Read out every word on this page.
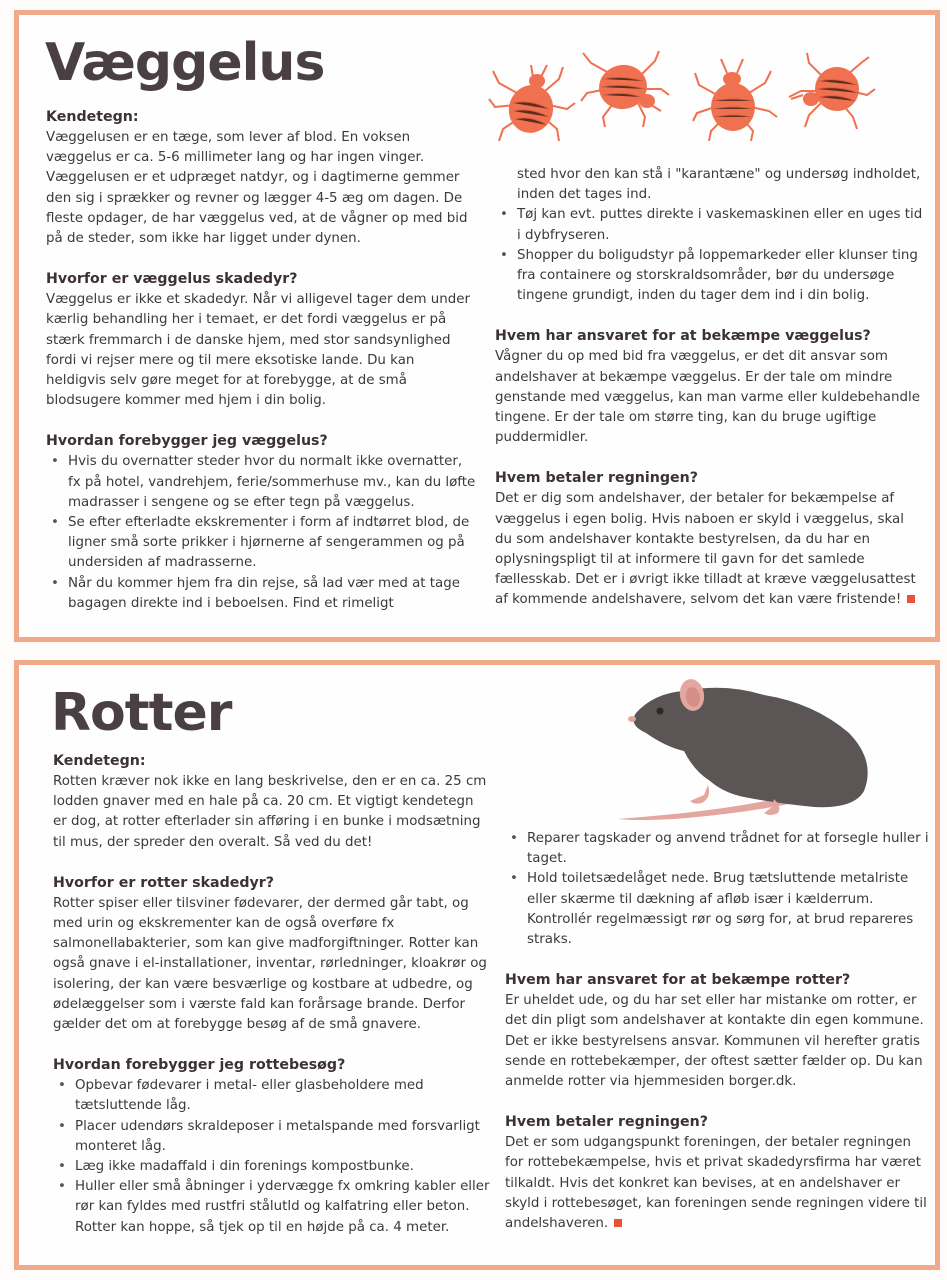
Væggelus
Kendetegn:

Væggelusen er en tæge, som lever af blod. En voksen væggelus er ca. 5-6 millimeter lang og har ingen vinger. Væggelusen er et udpræget natdyr, og i dagtimerne gemmer den sig i sprækker og revner og lægger 4-5 æg om dagen. De fleste opdager, de har væggelus ved, at de vågner op med bid på de steder, som ikke har ligget under dynen.

Hvorfor er væggelus skadedyr?

Væggelus er ikke et skadedyr. Når vi alligevel tager dem under kærlig behandling her i temaet, er det fordi væggelus er på stærk fremmarch i de danske hjem, med stor sandsynlighed fordi vi rejser mere og til mere eksotiske lande. Du kan heldigvis selv gøre meget for at forebygge, at de små blodsugere kommer med hjem i din bolig.

Hvordan forebygger jeg væggelus?
• Hvis du overnatter steder hvor du normalt ikke overnatter, fx på hotel, vandrehjem, ferie/sommerhuse mv., kan du løfte madrasser i sengene og se efter tegn på væggelus.
• Se efter efterladte ekskrementer i form af indtørret blod, de ligner små sorte prikker i hjørnerne af sengerammen og på undersiden af madrasserne.
• Når du kommer hjem fra din rejse, så lad vær med at tage bagagen direkte ind i beboelsen. Find et rimeligt

sted hvor den kan stå i "karantæne" og undersøg indholdet, inden det tages ind.

• Tøj kan evt. puttes direkte i vaskemaskinen eller en uges tid i dybfryseren.
• Shopper du boligudstyr på loppemarkeder eller klunser ting fra containere og storskraldsområder, bør du undersøge tingene grundigt, inden du tager dem ind i din bolig.
Hvem har ansvaret for at bekæmpe væggelus?

Vågner du op med bid fra væggelus, er det dit ansvar som andelshaver at bekæmpe væggelus. Er der tale om mindre genstande med væggelus, kan man varme eller kuldebehandle tingene. Er der tale om større ting, kan du bruge ugiftige puddermidler.

Hvem betaler regningen?

Det er dig som andelshaver, der betaler for bekæmpelse af væggelus i egen bolig. Hvis naboen er skyld i væggelus, skal du som andelshaver kontakte bestyrelsen, da du har en oplysningspligt til at informere til gavn for det samlede fællesskab. Det er i øvrigt ikke tilladt at kræve væggelusattest af kommende andelshavere, selvom det kan være fristende!

Rotter
Kendetegn:

Rotten kræver nok ikke en lang beskrivelse, den er en ca. 25 cm lodden gnaver med en hale på ca. 20 cm. Et vigtigt kendetegn er dog, at rotter efterlader sin afføring i en bunke i modsætning til mus, der spreder den overalt. Så ved du det!

Hvorfor er rotter skadedyr?

Rotter spiser eller tilsviner fødevarer, der dermed går tabt, og med urin og ekskrementer kan de også overføre fx salmonellabakterier, som kan give madforgiftninger. Rotter kan også gnave i el-installationer, inventar, rørledninger, kloakrør og isolering, der kan være besværlige og kostbare at udbedre, og ødelæggelser som i værste fald kan forårsage brande. Derfor gælder det om at forebygge besøg af de små gnavere.

Hvordan forebygger jeg rottebesøg?
• Opbevar fødevarer i metal- eller glasbeholdere med tætsluttende låg.
• Placer udendørs skraldeposer i metalspande med forsvarligt monteret låg.
• Læg ikke madaffald i din forenings kompostbunke.
• Huller eller små åbninger i ydervægge fx omkring kabler eller rør kan fyldes med rustfri stålutld og kalfatring eller beton. Rotter kan hoppe, så tjek op til en højde på ca. 4 meter.
• Reparer tagskader og anvend trådnet for at forsegle huller i taget.
• Hold toiletsædelåget nede. Brug tætsluttende metalriste eller skærme til dækning af afløb især i kælderrum. Kontrollér regelmæssigt rør og sørg for, at brud repareres straks.
Hvem har ansvaret for at bekæmpe rotter?

Er uheldet ude, og du har set eller har mistanke om rotter, er det din pligt som andelshaver at kontakte din egen kommune. Det er ikke bestyrelsens ansvar. Kommunen vil herefter gratis sende en rottebekæmper, der oftest sætter fælder op. Du kan anmelde rotter via hjemmesiden borger.dk.

Hvem betaler regningen?

Det er som udgangspunkt foreningen, der betaler regningen for rottebekæmpelse, hvis et privat skadedyrsfirma har været tilkaldt. Hvis det konkret kan bevises, at en andelshaver er skyld i rottebesøget, kan foreningen sende regningen videre til andelshaveren.
